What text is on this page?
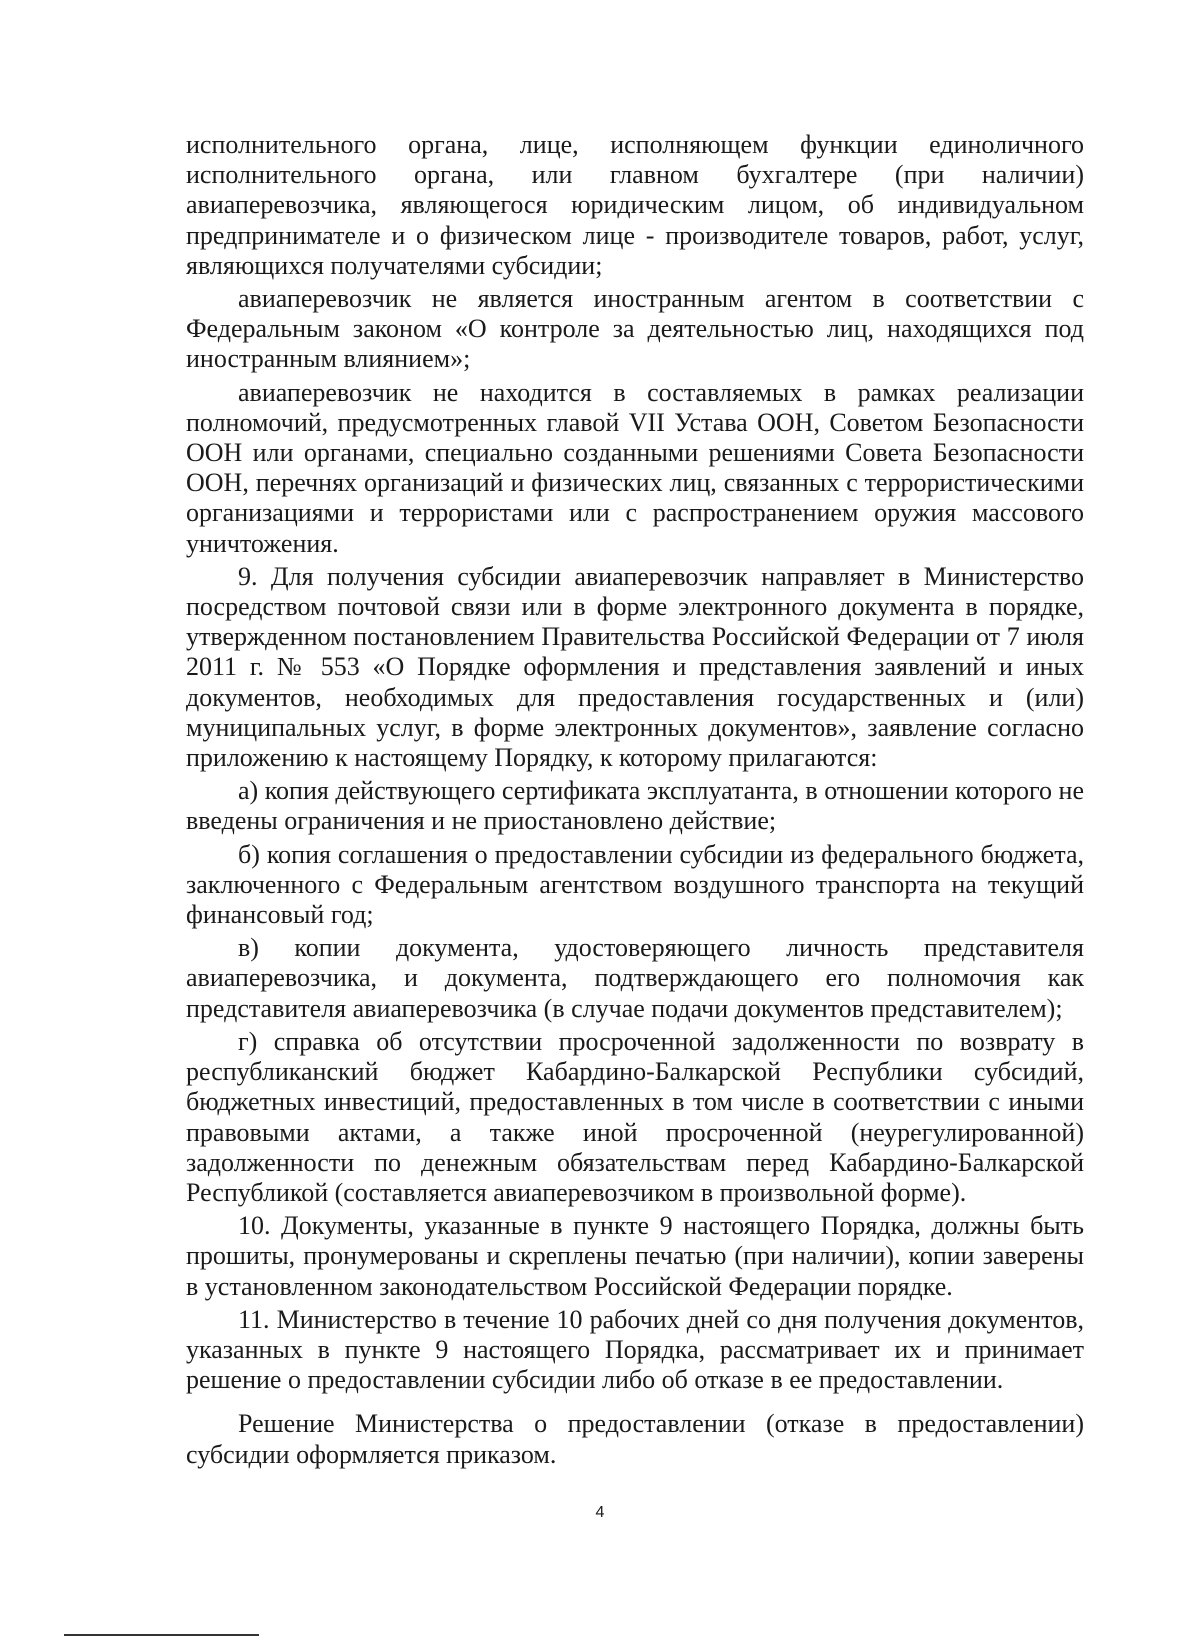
исполнительного органа, лице, исполняющем функции единоличного исполнительного органа, или главном бухгалтере (при наличии) авиаперевозчика, являющегося юридическим лицом, об индивидуальном предпринимателе и о физическом лице - производителе товаров, работ, услуг, являющихся получателями субсидии;

авиаперевозчик не является иностранным агентом в соответствии с Федеральным законом «О контроле за деятельностью лиц, находящихся под иностранным влиянием»;

авиаперевозчик не находится в составляемых в рамках реализации полномочий, предусмотренных главой VII Устава ООН, Советом Безопасности ООН или органами, специально созданными решениями Совета Безопасности ООН, перечнях организаций и физических лиц, связанных с террористическими организациями и террористами или с распространением оружия массового уничтожения.

9. Для получения субсидии авиаперевозчик направляет в Министерство посредством почтовой связи или в форме электронного документа в порядке, утвержденном постановлением Правительства Российской Федерации от 7 июля 2011 г. № 553 «О Порядке оформления и представления заявлений и иных документов, необходимых для предоставления государственных и (или) муниципальных услуг, в форме электронных документов», заявление согласно приложению к настоящему Порядку, к которому прилагаются:

а) копия действующего сертификата эксплуатанта, в отношении которого не введены ограничения и не приостановлено действие;

б) копия соглашения о предоставлении субсидии из федерального бюджета, заключенного с Федеральным агентством воздушного транспорта на текущий финансовый год;

в) копии документа, удостоверяющего личность представителя авиаперевозчика, и документа, подтверждающего его полномочия как представителя авиаперевозчика (в случае подачи документов представителем);

г) справка об отсутствии просроченной задолженности по возврату в республиканский бюджет Кабардино-Балкарской Республики субсидий, бюджетных инвестиций, предоставленных в том числе в соответствии с иными правовыми актами, а также иной просроченной (неурегулированной) задолженности по денежным обязательствам перед Кабардино-Балкарской Республикой (составляется авиаперевозчиком в произвольной форме).

10. Документы, указанные в пункте 9 настоящего Порядка, должны быть прошиты, пронумерованы и скреплены печатью (при наличии), копии заверены в установленном законодательством Российской Федерации порядке.

11. Министерство в течение 10 рабочих дней со дня получения документов, указанных в пункте 9 настоящего Порядка, рассматривает их и принимает решение о предоставлении субсидии либо об отказе в ее предоставлении.

Решение Министерства о предоставлении (отказе в предоставлении) субсидии оформляется приказом.

4
